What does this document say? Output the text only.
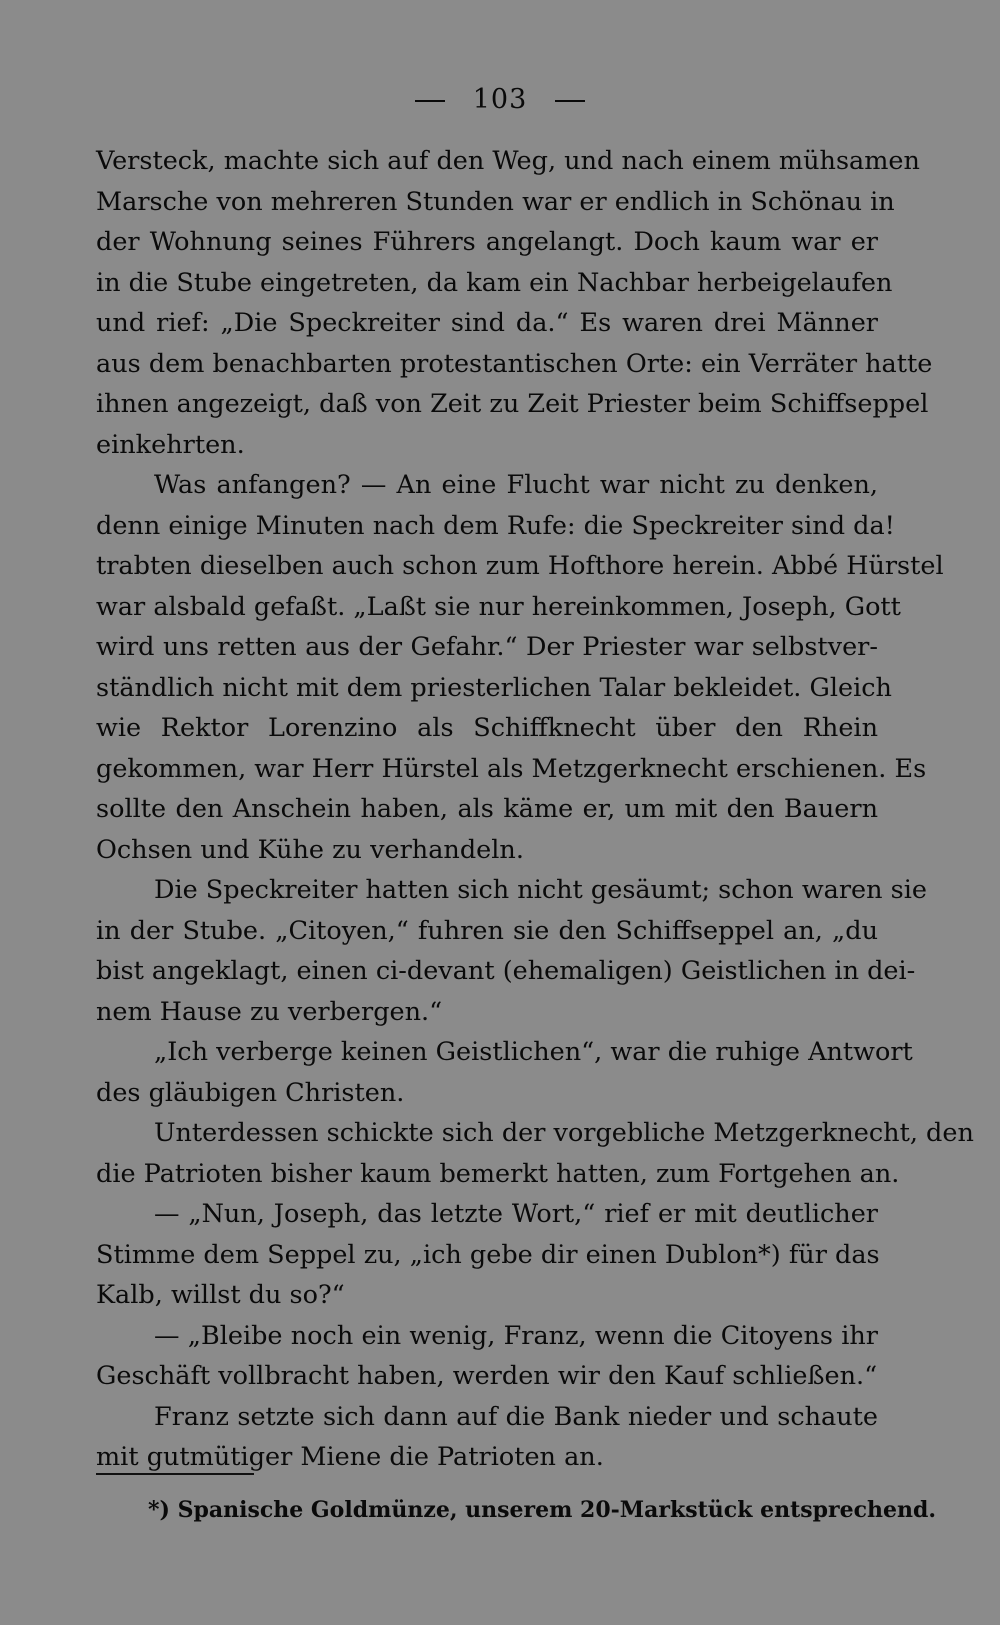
103
Versteck, machte sich auf den Weg, und nach einem mühsamen
Marsche von mehreren Stunden war er endlich in Schönau in
der Wohnung seines Führers angelangt. Doch kaum war er
in die Stube eingetreten, da kam ein Nachbar herbeigelaufen
und rief: „Die Speckreiter sind da.“ Es waren drei Männer
aus dem benachbarten protestantischen Orte: ein Verräter hatte
ihnen angezeigt, daß von Zeit zu Zeit Priester beim Schiffseppel
einkehrten.
Was anfangen? — An eine Flucht war nicht zu denken,
denn einige Minuten nach dem Rufe: die Speckreiter sind da!
trabten dieselben auch schon zum Hofthore herein. Abbé Hürstel
war alsbald gefaßt. „Laßt sie nur hereinkommen, Joseph, Gott
wird uns retten aus der Gefahr.“ Der Priester war selbstver-
ständlich nicht mit dem priesterlichen Talar bekleidet. Gleich
wie Rektor Lorenzino als Schiffknecht über den Rhein
gekommen, war Herr Hürstel als Metzgerknecht erschienen. Es
sollte den Anschein haben, als käme er, um mit den Bauern
Ochsen und Kühe zu verhandeln.
Die Speckreiter hatten sich nicht gesäumt; schon waren sie
in der Stube. „Citoyen,“ fuhren sie den Schiffseppel an, „du
bist angeklagt, einen ci-devant (ehemaligen) Geistlichen in dei-
nem Hause zu verbergen.“
„Ich verberge keinen Geistlichen“, war die ruhige Antwort
des gläubigen Christen.
Unterdessen schickte sich der vorgebliche Metzgerknecht, den
die Patrioten bisher kaum bemerkt hatten, zum Fortgehen an.
— „Nun, Joseph, das letzte Wort,“ rief er mit deutlicher
Stimme dem Seppel zu, „ich gebe dir einen Dublon*) für das
Kalb, willst du so?“
— „Bleibe noch ein wenig, Franz, wenn die Citoyens ihr
Geschäft vollbracht haben, werden wir den Kauf schließen.“
Franz setzte sich dann auf die Bank nieder und schaute
mit gutmütiger Miene die Patrioten an.
*) Spanische Goldmünze, unserem 20-Markstück entsprechend.
